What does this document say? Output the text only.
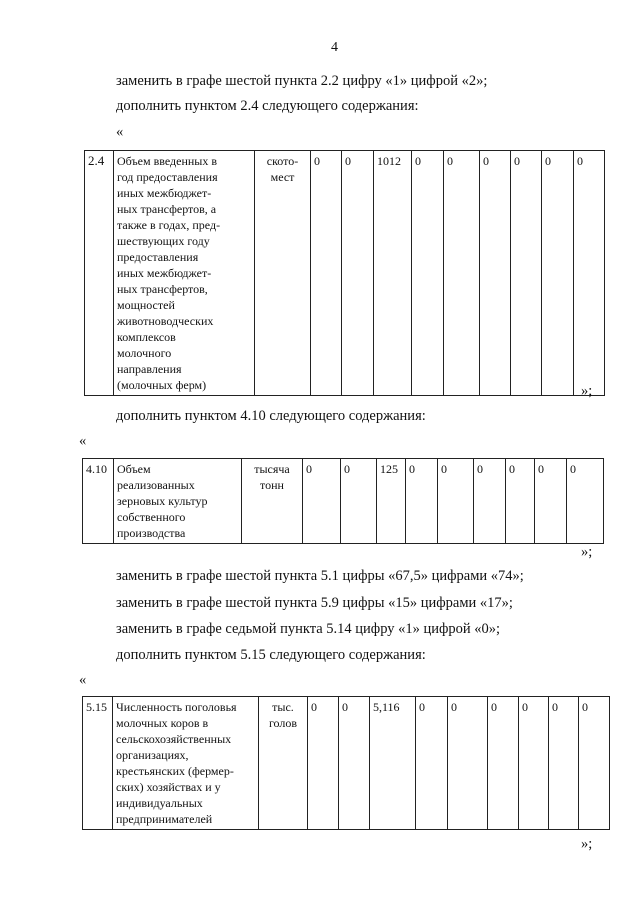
4
заменить в графе шестой пункта 2.2 цифру «1» цифрой «2»;
дополнить пунктом 2.4 следующего содержания:
«
2.4	Объем введенных в
год предоставления
иных межбюджет-
ных трансфертов, а
также в годах, пред-
шествующих году
предоставления
иных межбюджет-
ных трансфертов,
мощностей
животноводческих
комплексов
молочного
направления
(молочных ферм)

ското-
мест
	0	0	1012	0	0	0	0	0	0
»;
дополнить пунктом 4.10 следующего содержания:
«
4.10	Объем
реализованных
зерновых культур
собственного
производства

тысяча
тонн
	0	0	125	0	0	0	0	0	0
»;
заменить в графе шестой пункта 5.1 цифры «67,5» цифрами «74»;
заменить в графе шестой пункта 5.9 цифры «15» цифрами «17»;
заменить в графе седьмой пункта 5.14 цифру «1» цифрой «0»;
дополнить пунктом 5.15 следующего содержания:
«
5.15	Численность поголовья
молочных коров в
сельскохозяйственных
организациях,
крестьянских (фермер-
ских) хозяйствах и у
индивидуальных
предпринимателей

тыс.
голов
	0	0	5,116	0	0	0	0	0	0
»;
